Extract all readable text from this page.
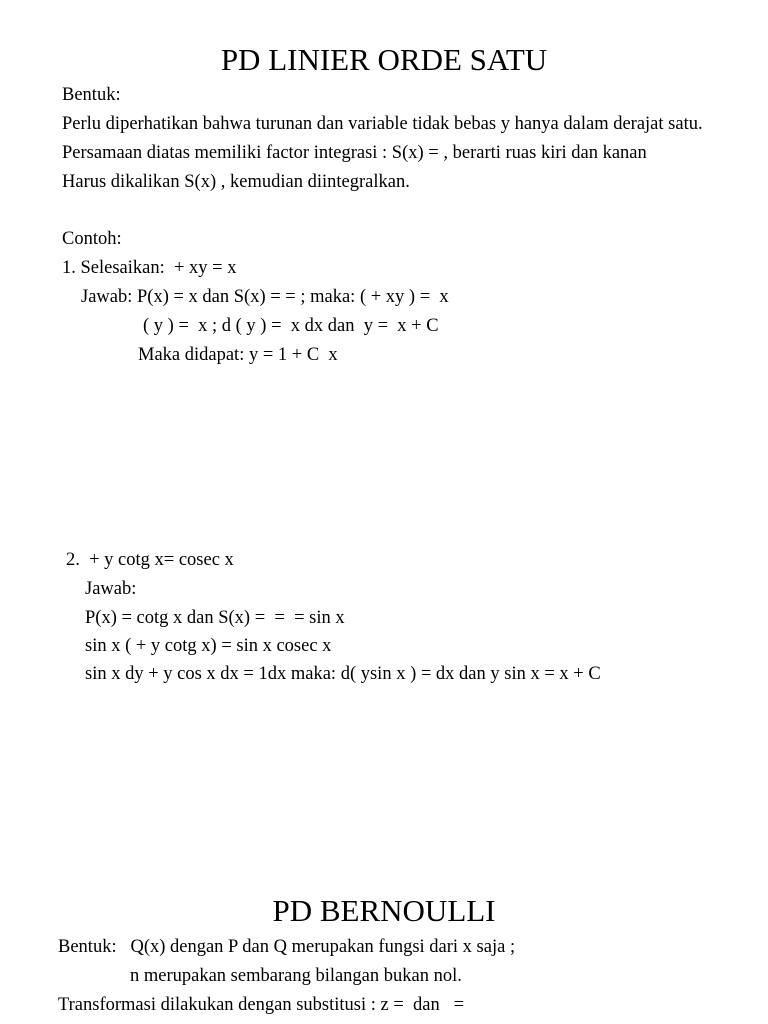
PD LINIER ORDE SATU
Bentuk:
Perlu diperhatikan bahwa turunan dan variable tidak bebas y hanya dalam derajat satu.
Persamaan diatas memiliki factor integrasi : S(x) = , berarti ruas kiri dan kanan
Harus dikalikan S(x) , kemudian diintegralkan.
Contoh:
1. Selesaikan:  + xy = x
Jawab: P(x) = x dan S(x) = = ; maka: ( + xy ) =  x
( y ) =  x ; d ( y ) =  x dx dan  y =  x + C
Maka didapat: y = 1 + C  x
2.  + y cotg x= cosec x
Jawab:
P(x) = cotg x dan S(x) =  =  = sin x
sin x ( + y cotg x) = sin x cosec x
sin x dy + y cos x dx = 1dx maka: d( ysin x ) = dx dan y sin x = x + C
PD BERNOULLI
Bentuk:   Q(x) dengan P dan Q merupakan fungsi dari x saja ;
n merupakan sembarang bilangan bukan nol.
Transformasi dilakukan dengan substitusi : z =  dan   =
